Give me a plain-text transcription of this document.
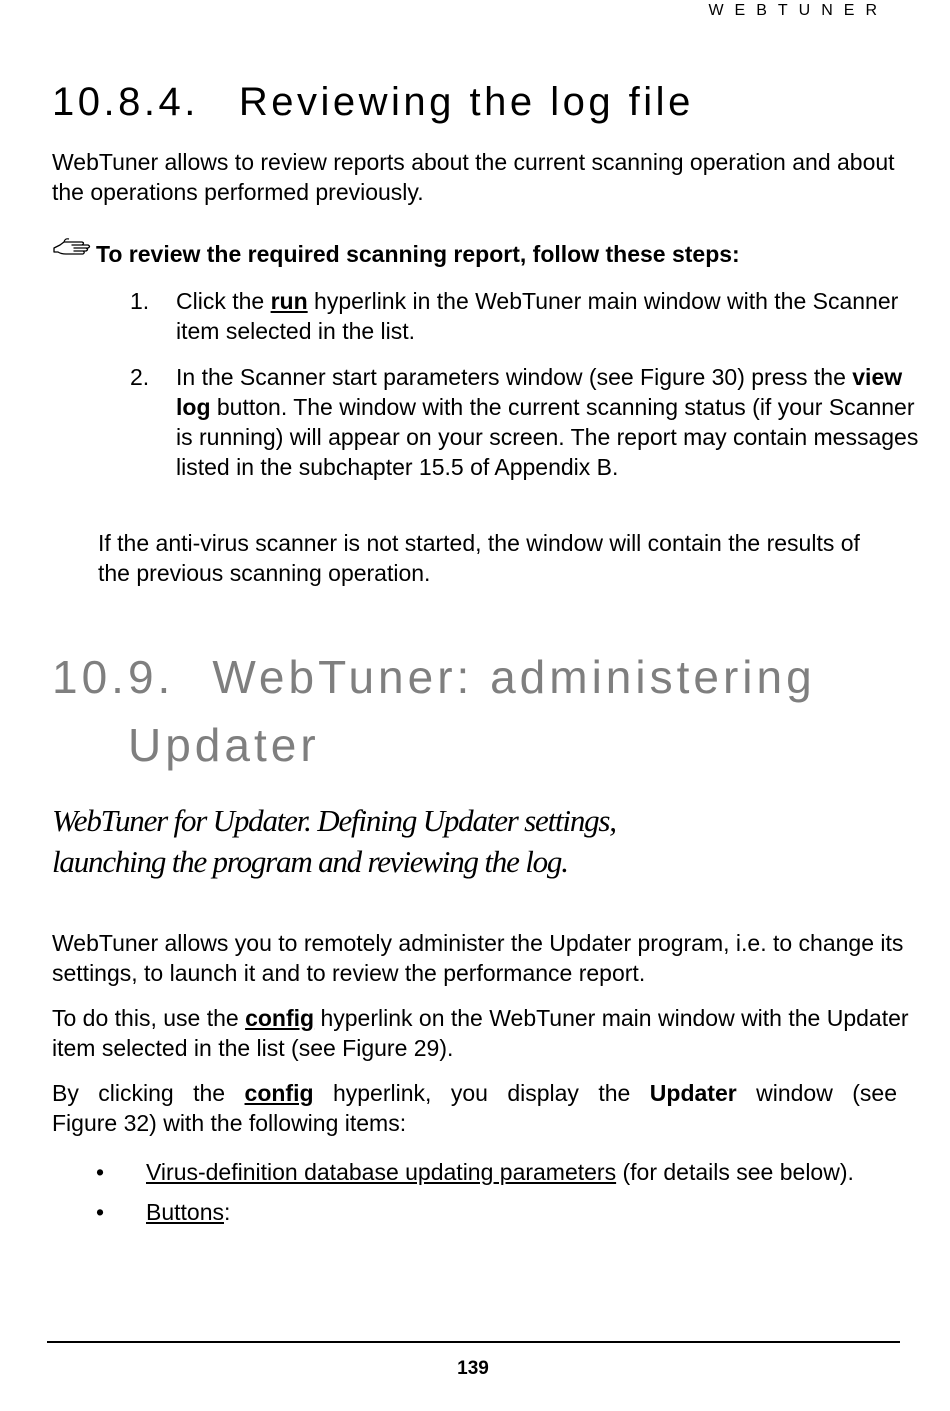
WEBTUNER
10.8.4. Reviewing the log file
WebTuner allows to review reports about the current scanning operation and about the operations performed previously.
To review the required scanning report, follow these steps:
1.	Click the run hyperlink in the WebTuner main window with the Scanner item selected in the list.
2.	In the Scanner start parameters window (see Figure 30) press the view log button. The window with the current scanning status (if your Scanner is running) will appear on your screen. The report may contain messages listed in the subchapter 15.5 of Appendix B.
If the anti-virus scanner is not started, the window will contain the results of the previous scanning operation.
10.9. WebTuner: administering
Updater
WebTuner for Updater. Defining Updater settings,
launching the program and reviewing the log.
WebTuner allows you to remotely administer the Updater program, i.e. to change its settings, to launch it and to review the performance report.
To do this, use the config hyperlink on the WebTuner main window with the Updater item selected in the list (see Figure 29).
By clicking the config hyperlink, you display the Updater window (see
Figure 32) with the following items:
•	Virus-definition database updating parameters (for details see below).
•	Buttons:
139
